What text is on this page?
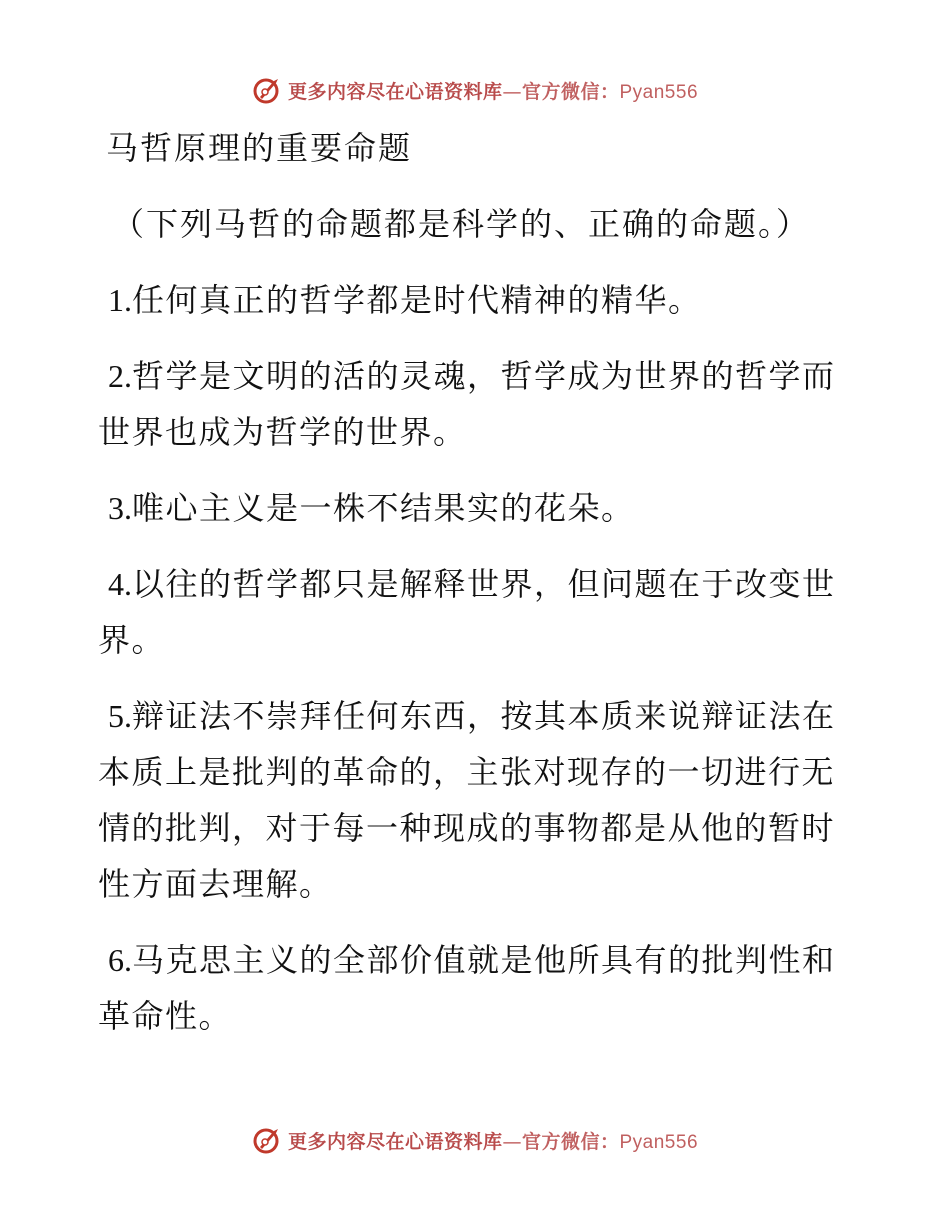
更多内容尽在心语资料库—官方微信：Pyan556
马哲原理的重要命题

（下列马哲的命题都是科学的、正确的命题。）

1.任何真正的哲学都是时代精神的精华。

2.哲学是文明的活的灵魂，哲学成为世界的哲学而世界也成为哲学的世界。

3.唯心主义是一株不结果实的花朵。

4.以往的哲学都只是解释世界，但问题在于改变世界。

5.辩证法不崇拜任何东西，按其本质来说辩证法在本质上是批判的革命的，主张对现存的一切进行无情的批判，对于每一种现成的事物都是从他的暂时性方面去理解。

6.马克思主义的全部价值就是他所具有的批判性和革命性。

更多内容尽在心语资料库—官方微信：Pyan556
